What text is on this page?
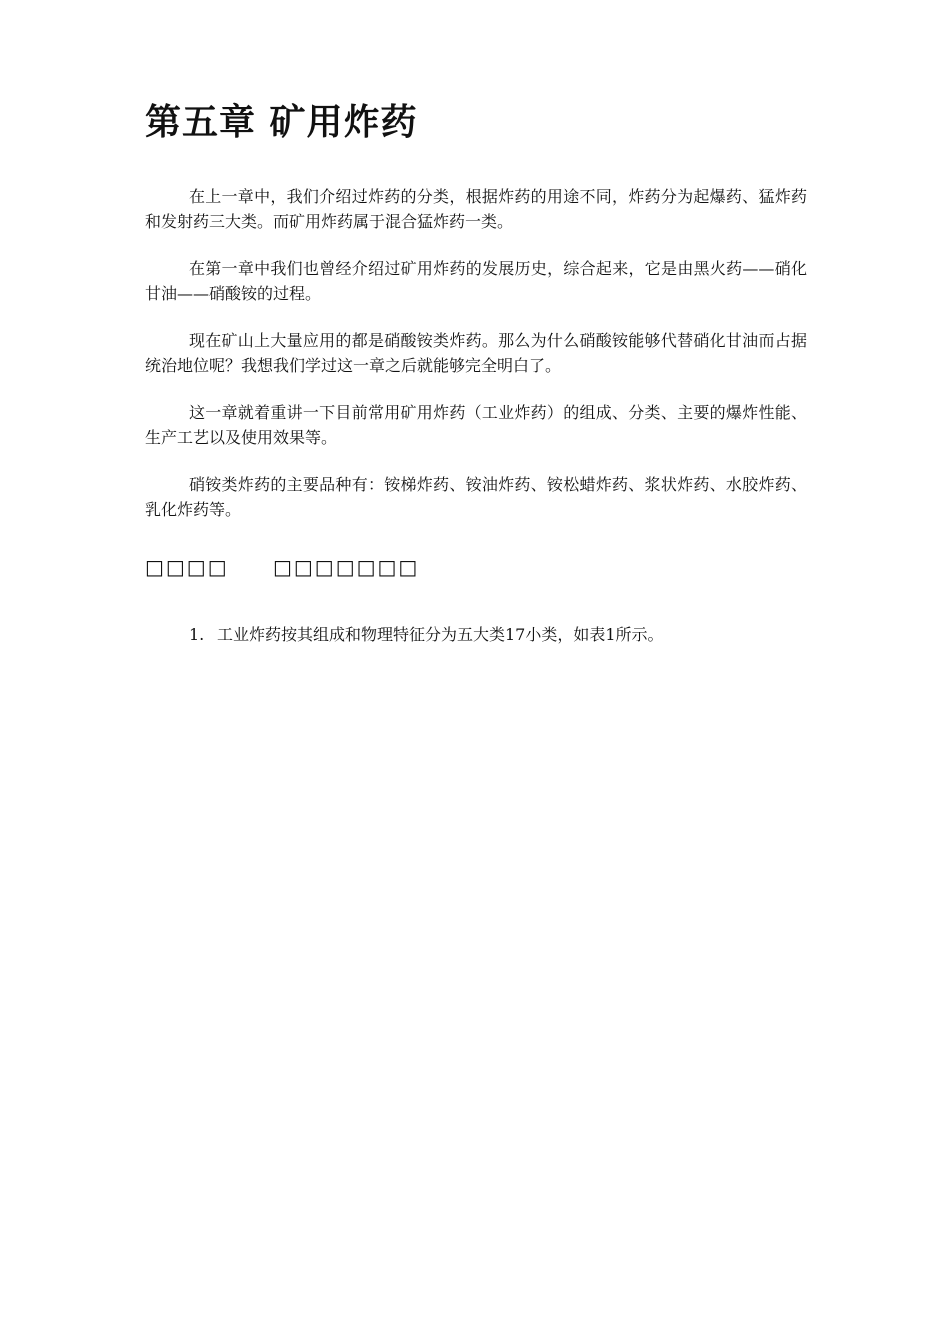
第五章 矿用炸药

在上一章中，我们介绍过炸药的分类，根据炸药的用途不同，炸药分为起爆药、猛炸药和发射药三大类。而矿用炸药属于混合猛炸药一类。

在第一章中我们也曾经介绍过矿用炸药的发展历史，综合起来，它是由黑火药——硝化甘油——硝酸铵的过程。

现在矿山上大量应用的都是硝酸铵类炸药。那么为什么硝酸铵能够代替硝化甘油而占据统治地位呢？我想我们学过这一章之后就能够完全明白了。

这一章就着重讲一下目前常用矿用炸药（工业炸药）的组成、分类、主要的爆炸性能、生产工艺以及使用效果等。

硝铵类炸药的主要品种有：铵梯炸药、铵油炸药、铵松蜡炸药、浆状炸药、水胶炸药、乳化炸药等。

□□□□ □□□□□□□
1. 工业炸药按其组成和物理特征分为五大类17小类，如表1所示。
